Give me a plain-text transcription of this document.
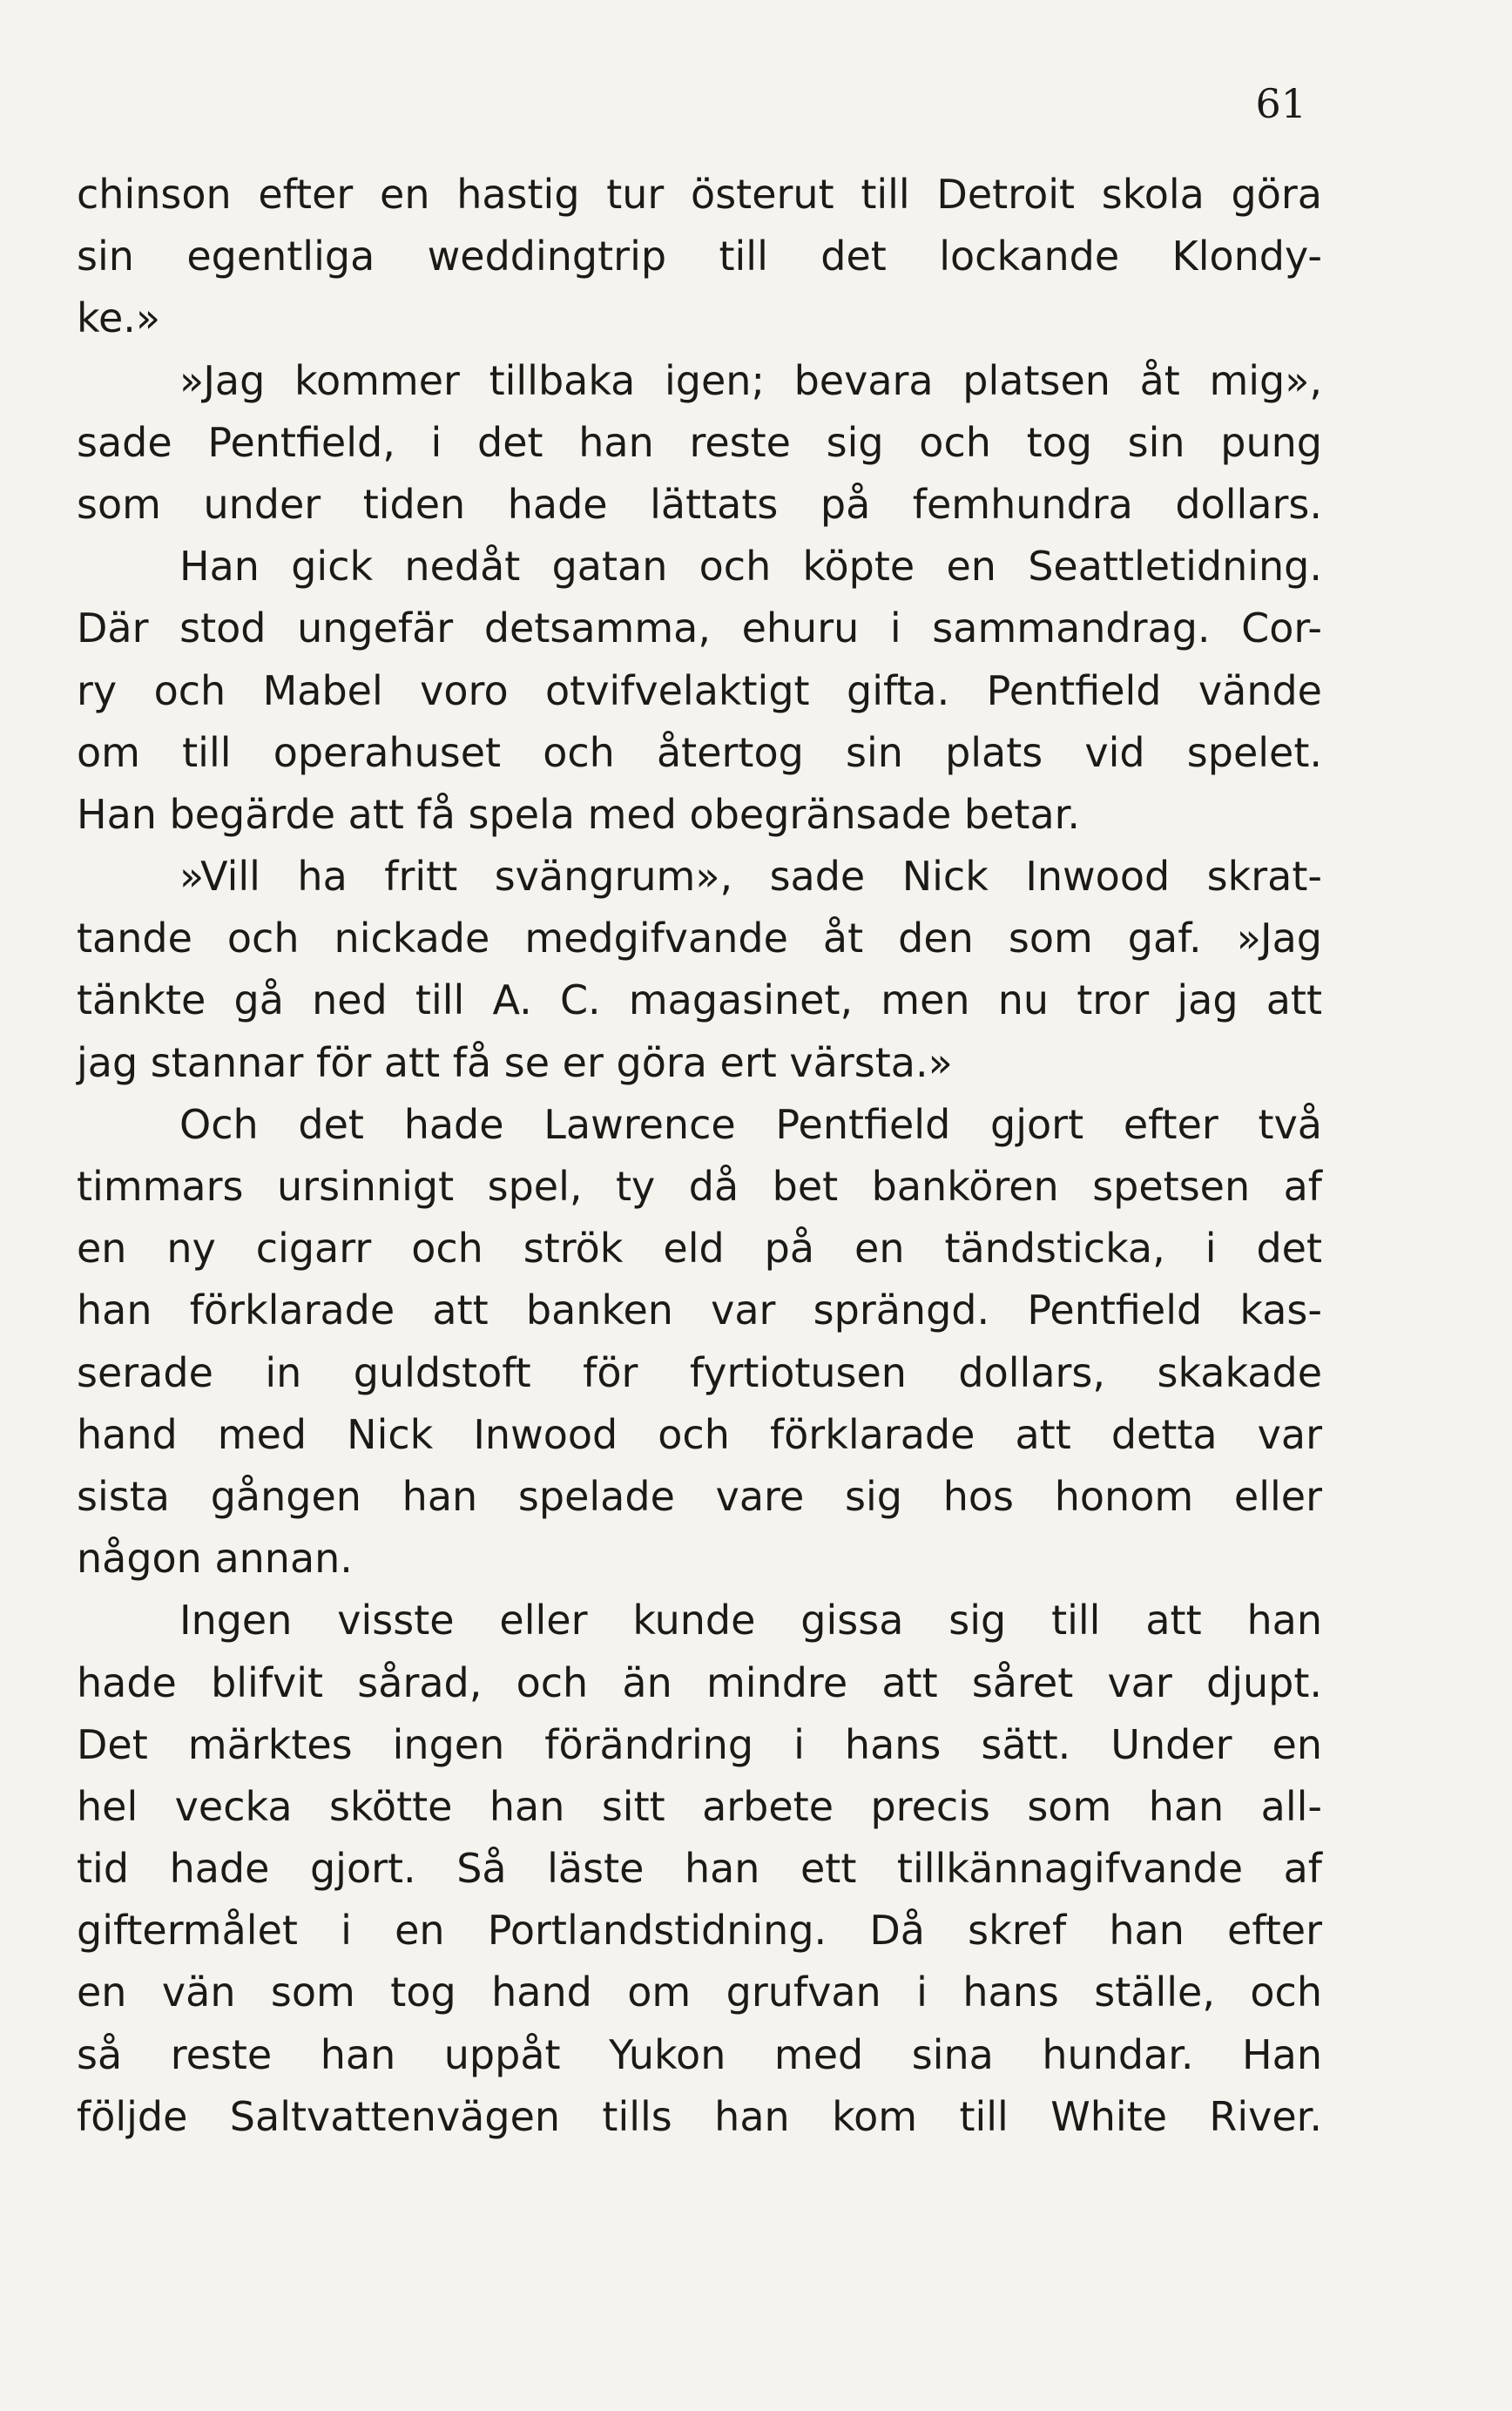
61
chinson efter en hastig tur österut till Detroit skola göra
sin egentliga weddingtrip till det lockande Klondy-
ke.»
»Jag kommer tillbaka igen; bevara platsen åt mig»,
sade Pentfield, i det han reste sig och tog sin pung
som under tiden hade lättats på femhundra dollars.
Han gick nedåt gatan och köpte en Seattletidning.
Där stod ungefär detsamma, ehuru i sammandrag. Cor-
ry och Mabel voro otvifvelaktigt gifta. Pentfield vände
om till operahuset och återtog sin plats vid spelet.
Han begärde att få spela med obegränsade betar.
»Vill ha fritt svängrum», sade Nick Inwood skrat-
tande och nickade medgifvande åt den som gaf. »Jag
tänkte gå ned till A. C. magasinet, men nu tror jag att
jag stannar för att få se er göra ert värsta.»
Och det hade Lawrence Pentfield gjort efter två
timmars ursinnigt spel, ty då bet bankören spetsen af
en ny cigarr och strök eld på en tändsticka, i det
han förklarade att banken var sprängd. Pentfield kas-
serade in guldstoft för fyrtiotusen dollars, skakade
hand med Nick Inwood och förklarade att detta var
sista gången han spelade vare sig hos honom eller
någon annan.
Ingen visste eller kunde gissa sig till att han
hade blifvit sårad, och än mindre att såret var djupt.
Det märktes ingen förändring i hans sätt. Under en
hel vecka skötte han sitt arbete precis som han all-
tid hade gjort. Så läste han ett tillkännagifvande af
giftermålet i en Portlandstidning. Då skref han efter
en vän som tog hand om grufvan i hans ställe, och
så reste han uppåt Yukon med sina hundar. Han
följde Saltvattenvägen tills han kom till White River.
